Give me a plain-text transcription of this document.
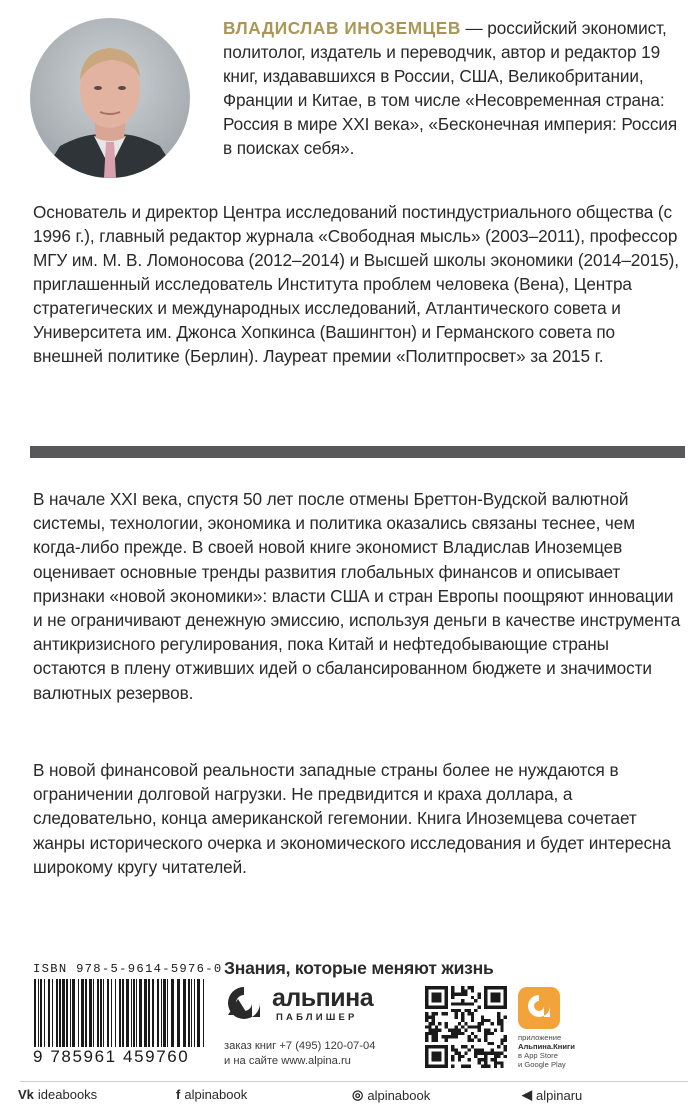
ВЛАДИСЛАВ ИНОЗЕМЦЕВ — российский экономист, политолог, издатель и переводчик, автор и редактор 19 книг, издававшихся в России, США, Великобритании, Франции и Китае, в том числе «Несовременная страна: Россия в мире XXI века», «Бесконечная империя: Россия в поисках себя».
Основатель и директор Центра исследований постиндустриального общества (с 1996 г.), главный редактор журнала «Свободная мысль» (2003–2011), профессор МГУ им. М. В. Ломоносова (2012–2014) и Высшей школы экономики (2014–2015), приглашенный исследователь Института проблем человека (Вена), Центра стратегических и международных исследований, Атлантического совета и Университета им. Джонса Хопкинса (Вашингтон) и Германского совета по внешней политике (Берлин). Лауреат премии «Политпросвет» за 2015 г.
В начале XXI века, спустя 50 лет после отмены Бреттон-Вудской валютной системы, технологии, экономика и политика оказались связаны теснее, чем когда-либо прежде. В своей новой книге экономист Владислав Иноземцев оценивает основные тренды развития глобальных финансов и описывает признаки «новой экономики»: власти США и стран Европы поощряют инновации и не ограничивают денежную эмиссию, используя деньги в качестве инструмента антикризисного регулирования, пока Китай и нефтедобывающие страны остаются в плену отживших идей о сбалансированном бюджете и значимости валютных резервов.
В новой финансовой реальности западные страны более не нуждаются в ограничении долговой нагрузки. Не предвидится и краха доллара, а следовательно, конца американской гегемонии. Книга Иноземцева сочетает жанры исторического очерка и экономического исследования и будет интересна широкому кругу читателей.
ISBN 978-5-9614-5976-0
9 785961 459760
Знания, которые меняют жизнь
альпина
ПАБЛИШЕР
заказ книг +7 (495) 120-07-04
и на сайте www.alpina.ru
приложение
Альпина.Книги
в App Store
и Google Play
Vk ideabooks	f alpinabook	◎ alpinabook	◀ alpinaru
